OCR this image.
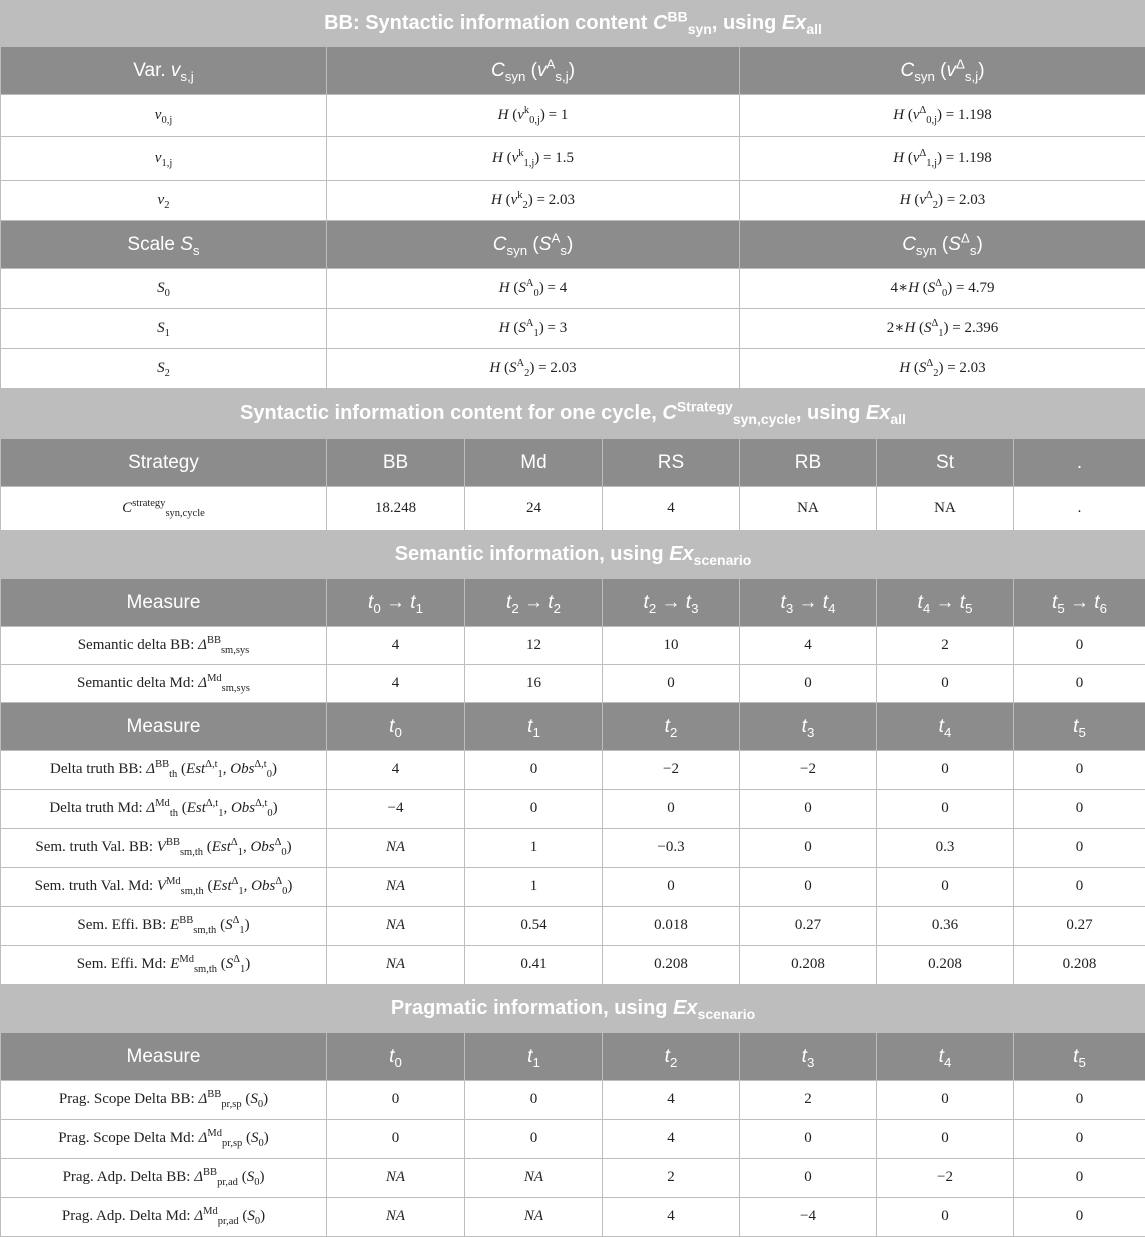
BB: Syntactic information content $C^{BB}_{syn}$, using $Ex_{all}$
Var. $v_{s,j}$	$C_{syn}$ $(v^A_{s,j})$			$C_{syn}$ $(v^\Delta_{s,j})$		
$v_{0,j}$	H $(v^k_{0,j}) = 1$			H $(v^\Delta_{0,j}) = 1.198$		
$v_{1,j}$	H $(v^k_{1,j}) = 1.5$			H $(v^\Delta_{1,j}) = 1.198$		
$v_2$	H $(v^k_2) = 2.03$			H $(v^\Delta_2) = 2.03$		
Scale $S_s$	$C_{syn}$ $(S^A_s)$			$C_{syn}$ $(S^\Delta_s)$		
$S_0$	H $(S^A_0) = 4$			4∗H $(S^\Delta_0) = 4.79$		
$S_1$	H $(S^A_1) = 3$			2∗H $(S^\Delta_1) = 2.396$		
$S_2$	H $(S^A_2) = 2.03$			H $(S^\Delta_2) = 2.03$		
Syntactic information content for one cycle, $C^{Strategy}_{syn,cycle}$, using $Ex_{all}$
Strategy	BB	Md	RS	RB	St	.
$C^{strategy}_{syn,cycle}$	18.248	24	4	NA	NA	.
Semantic information, using $Ex_{scenario}$
Measure	$t_0 \to t_1$	$t_2 \to t_2$	$t_2 \to t_3$	$t_3 \to t_4$	$t_4 \to t_5$	$t_5 \to t_6$
Semantic delta BB: $\Delta^{BB}_{sm,sys}$	4	12	10	4	2	0
Semantic delta Md: $\Delta^{Md}_{sm,sys}$	4	16	0	0	0	0
Measure	$t_0$	$t_1$	$t_2$	$t_3$	$t_4$	$t_5$
Delta truth BB: $\Delta^{BB}_{th}$ (Est$^{\Delta,t}_1$, Obs$^{\Delta,t}_0$)	4	0	−2	−2	0	0
Delta truth Md: $\Delta^{Md}_{th}$ (Est$^{\Delta,t}_1$, Obs$^{\Delta,t}_0$)	−4	0	0	0	0	0
Sem. truth Val. BB: $V^{BB}_{sm,th}$ (Est$^\Delta_1$, Obs$^\Delta_0$)	NA	1	−0.3	0	0.3	0
Sem. truth Val. Md: $V^{Md}_{sm,th}$ (Est$^\Delta_1$, Obs$^\Delta_0$)	NA	1	0	0	0	0
Sem. Effi. BB: $E^{BB}_{sm,th}$ $(S^\Delta_1)$	NA	0.54	0.018	0.27	0.36	0.27
Sem. Effi. Md: $E^{Md}_{sm,th}$ $(S^\Delta_1)$	NA	0.41	0.208	0.208	0.208	0.208
Pragmatic information, using $Ex_{scenario}$
Measure	$t_0$	$t_1$	$t_2$	$t_3$	$t_4$	$t_5$
Prag. Scope Delta BB: $\Delta^{BB}_{pr,sp}$ $(S_0)$	0	0	4	2	0	0
Prag. Scope Delta Md: $\Delta^{Md}_{pr,sp}$ $(S_0)$	0	0	4	0	0	0
Prag. Adp. Delta BB: $\Delta^{BB}_{pr,ad}$ $(S_0)$	NA	NA	2	0	−2	0
Prag. Adp. Delta Md: $\Delta^{Md}_{pr,ad}$ $(S_0)$	NA	NA	4	−4	0	0
